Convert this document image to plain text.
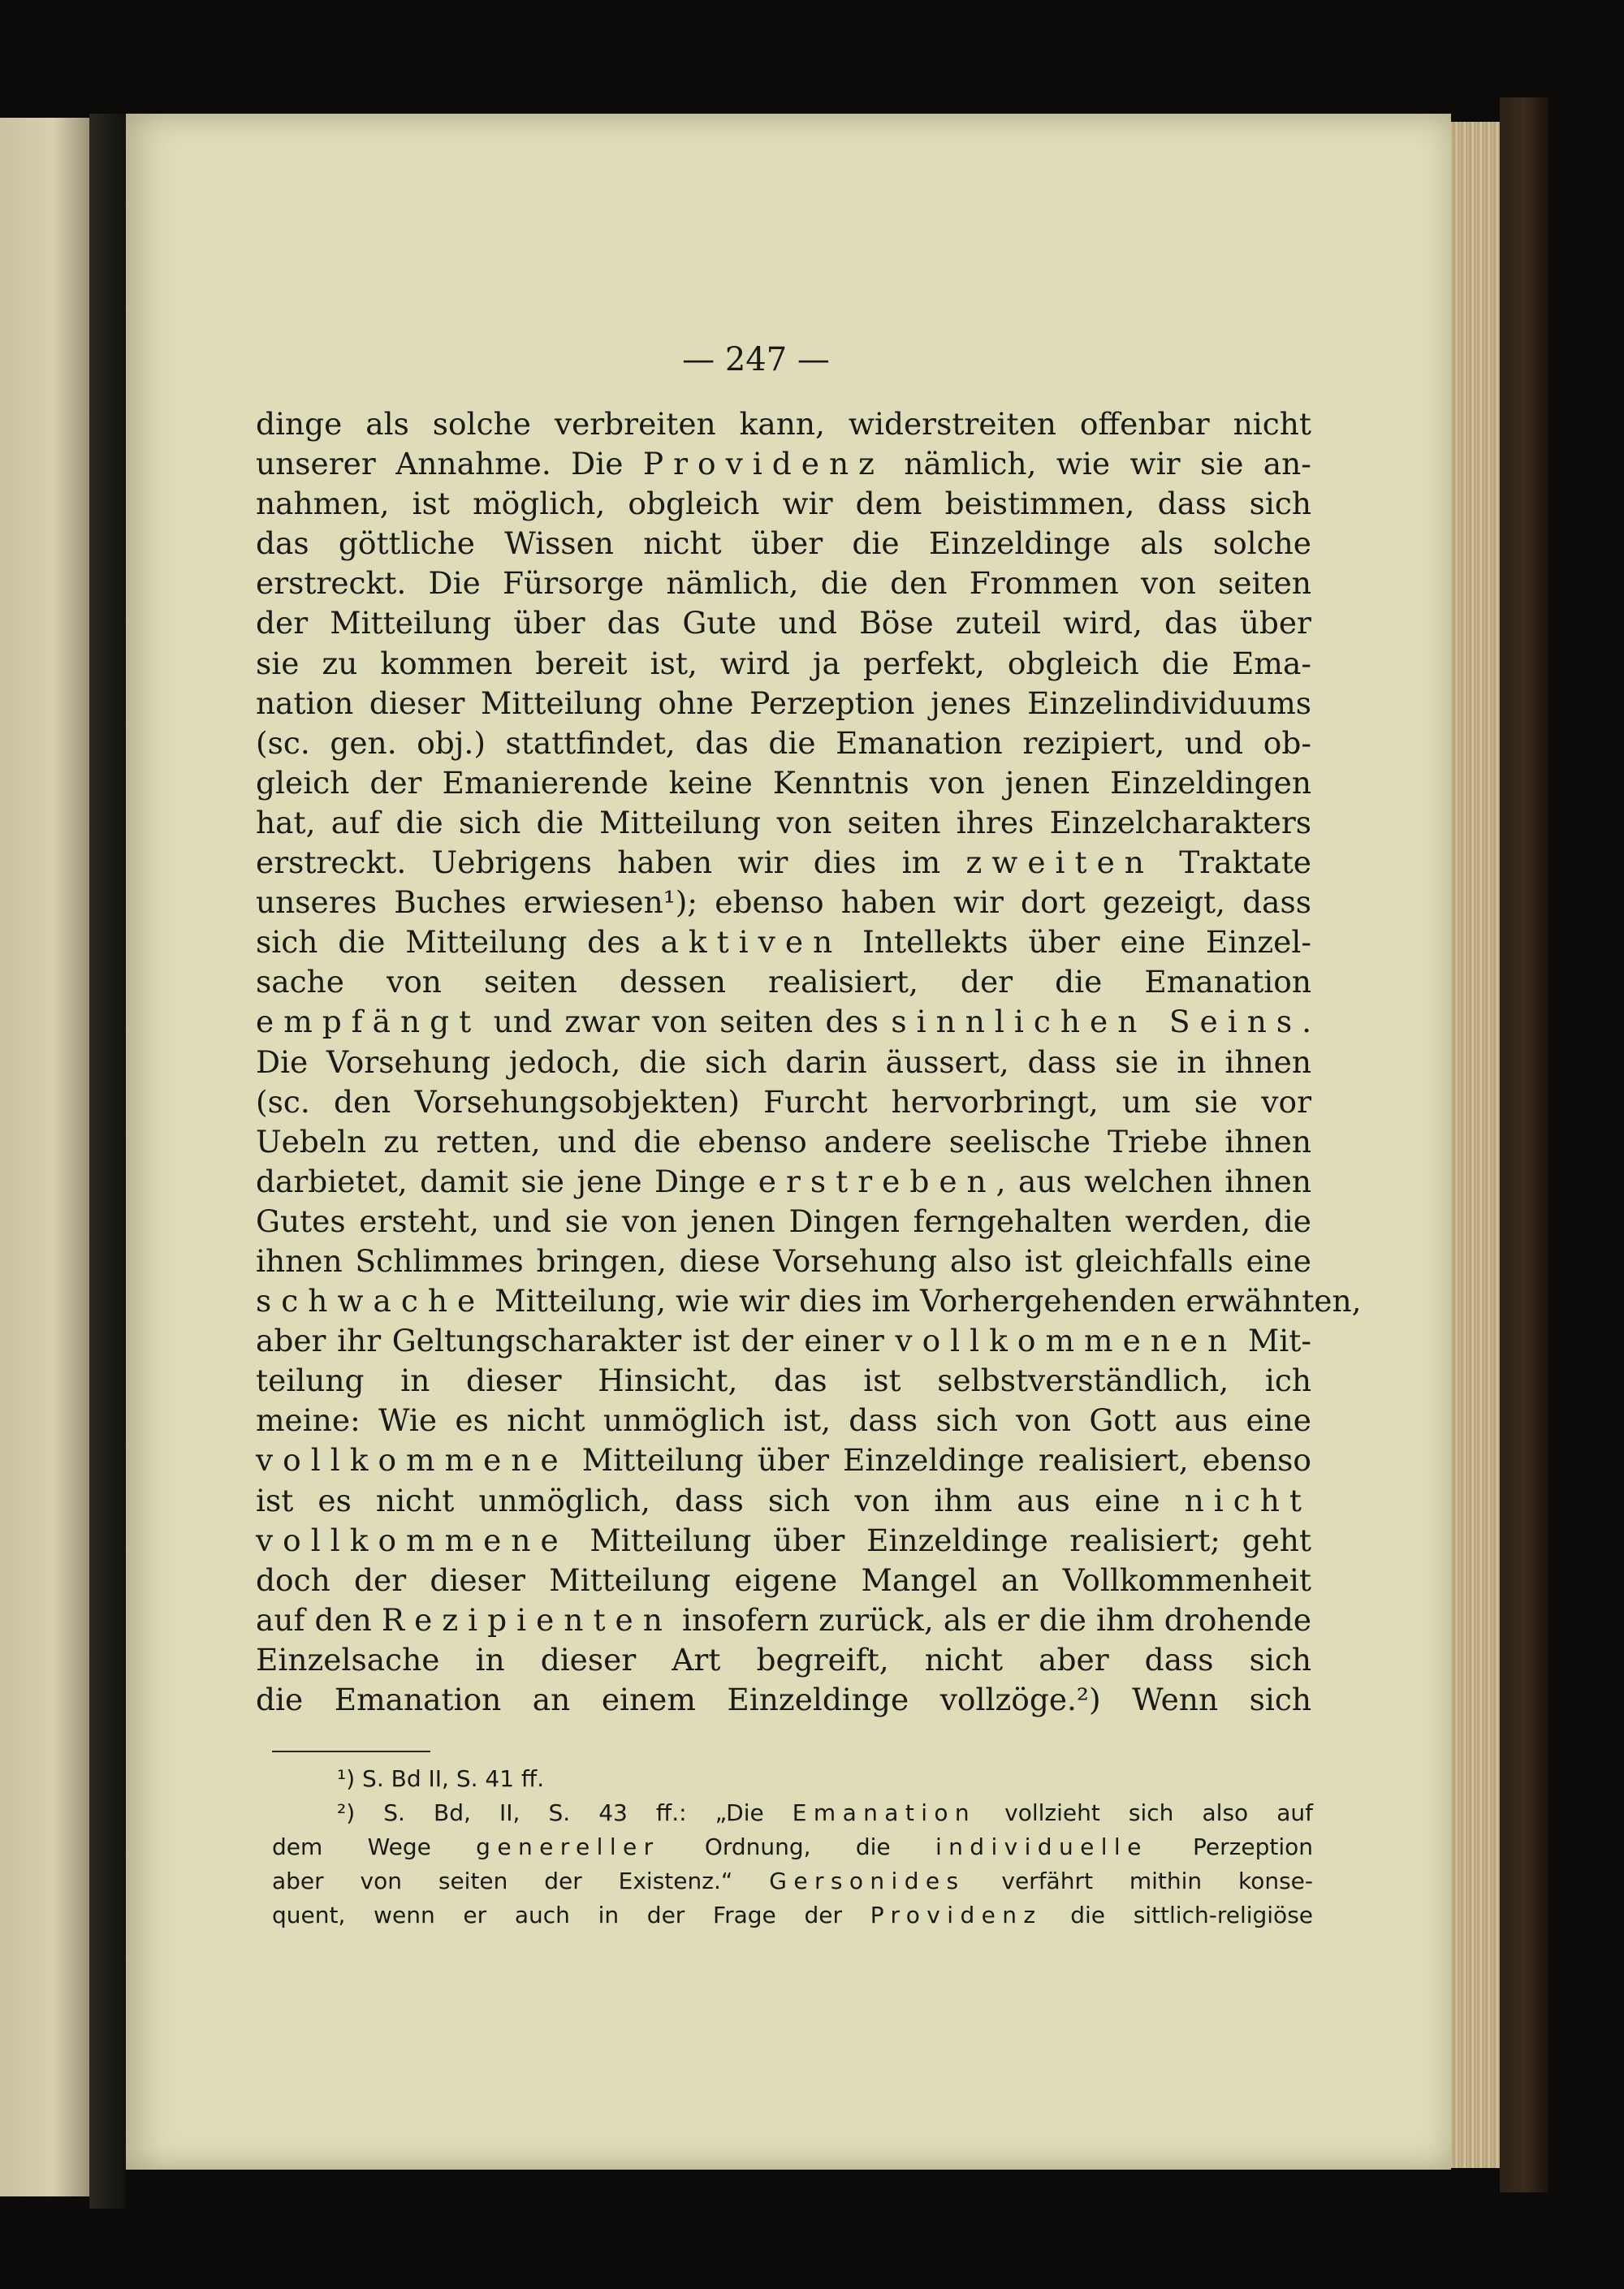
— 247 —
dinge als solche verbreiten kann, widerstreiten offenbar nicht
unserer Annahme. Die Providenz nämlich, wie wir sie an-
nahmen, ist möglich, obgleich wir dem beistimmen, dass sich
das göttliche Wissen nicht über die Einzeldinge als solche
erstreckt. Die Fürsorge nämlich, die den Frommen von seiten
der Mitteilung über das Gute und Böse zuteil wird, das über
sie zu kommen bereit ist, wird ja perfekt, obgleich die Ema-
nation dieser Mitteilung ohne Perzeption jenes Einzelindividuums
(sc. gen. obj.) stattfindet, das die Emanation rezipiert, und ob-
gleich der Emanierende keine Kenntnis von jenen Einzeldingen
hat, auf die sich die Mitteilung von seiten ihres Einzelcharakters
erstreckt. Uebrigens haben wir dies im zweiten Traktate
unseres Buches erwiesen¹); ebenso haben wir dort gezeigt, dass
sich die Mitteilung des aktiven Intellekts über eine Einzel-
sache von seiten dessen realisiert, der die Emanation
empfängt und zwar von seiten des sinnlichen Seins.
Die Vorsehung jedoch, die sich darin äussert, dass sie in ihnen
(sc. den Vorsehungsobjekten) Furcht hervorbringt, um sie vor
Uebeln zu retten, und die ebenso andere seelische Triebe ihnen
darbietet, damit sie jene Dinge erstreben, aus welchen ihnen
Gutes ersteht, und sie von jenen Dingen ferngehalten werden, die
ihnen Schlimmes bringen, diese Vorsehung also ist gleichfalls eine
schwache Mitteilung, wie wir dies im Vorhergehenden erwähnten,
aber ihr Geltungscharakter ist der einer vollkommenen Mit-
teilung in dieser Hinsicht, das ist selbstverständlich, ich
meine: Wie es nicht unmöglich ist, dass sich von Gott aus eine
vollkommene Mitteilung über Einzeldinge realisiert, ebenso
ist es nicht unmöglich, dass sich von ihm aus eine nicht
vollkommene Mitteilung über Einzeldinge realisiert; geht
doch der dieser Mitteilung eigene Mangel an Vollkommenheit
auf den Rezipienten insofern zurück, als er die ihm drohende
Einzelsache in dieser Art begreift, nicht aber dass sich
die Emanation an einem Einzeldinge vollzöge.²) Wenn sich
¹) S. Bd II, S. 41 ff.
²) S. Bd, II, S. 43 ff.: „Die Emanation vollzieht sich also auf
dem Wege genereller Ordnung, die individuelle Perzeption
aber von seiten der Existenz.“ Gersonides verfährt mithin konse-
quent, wenn er auch in der Frage der Providenz die sittlich-religiöse
